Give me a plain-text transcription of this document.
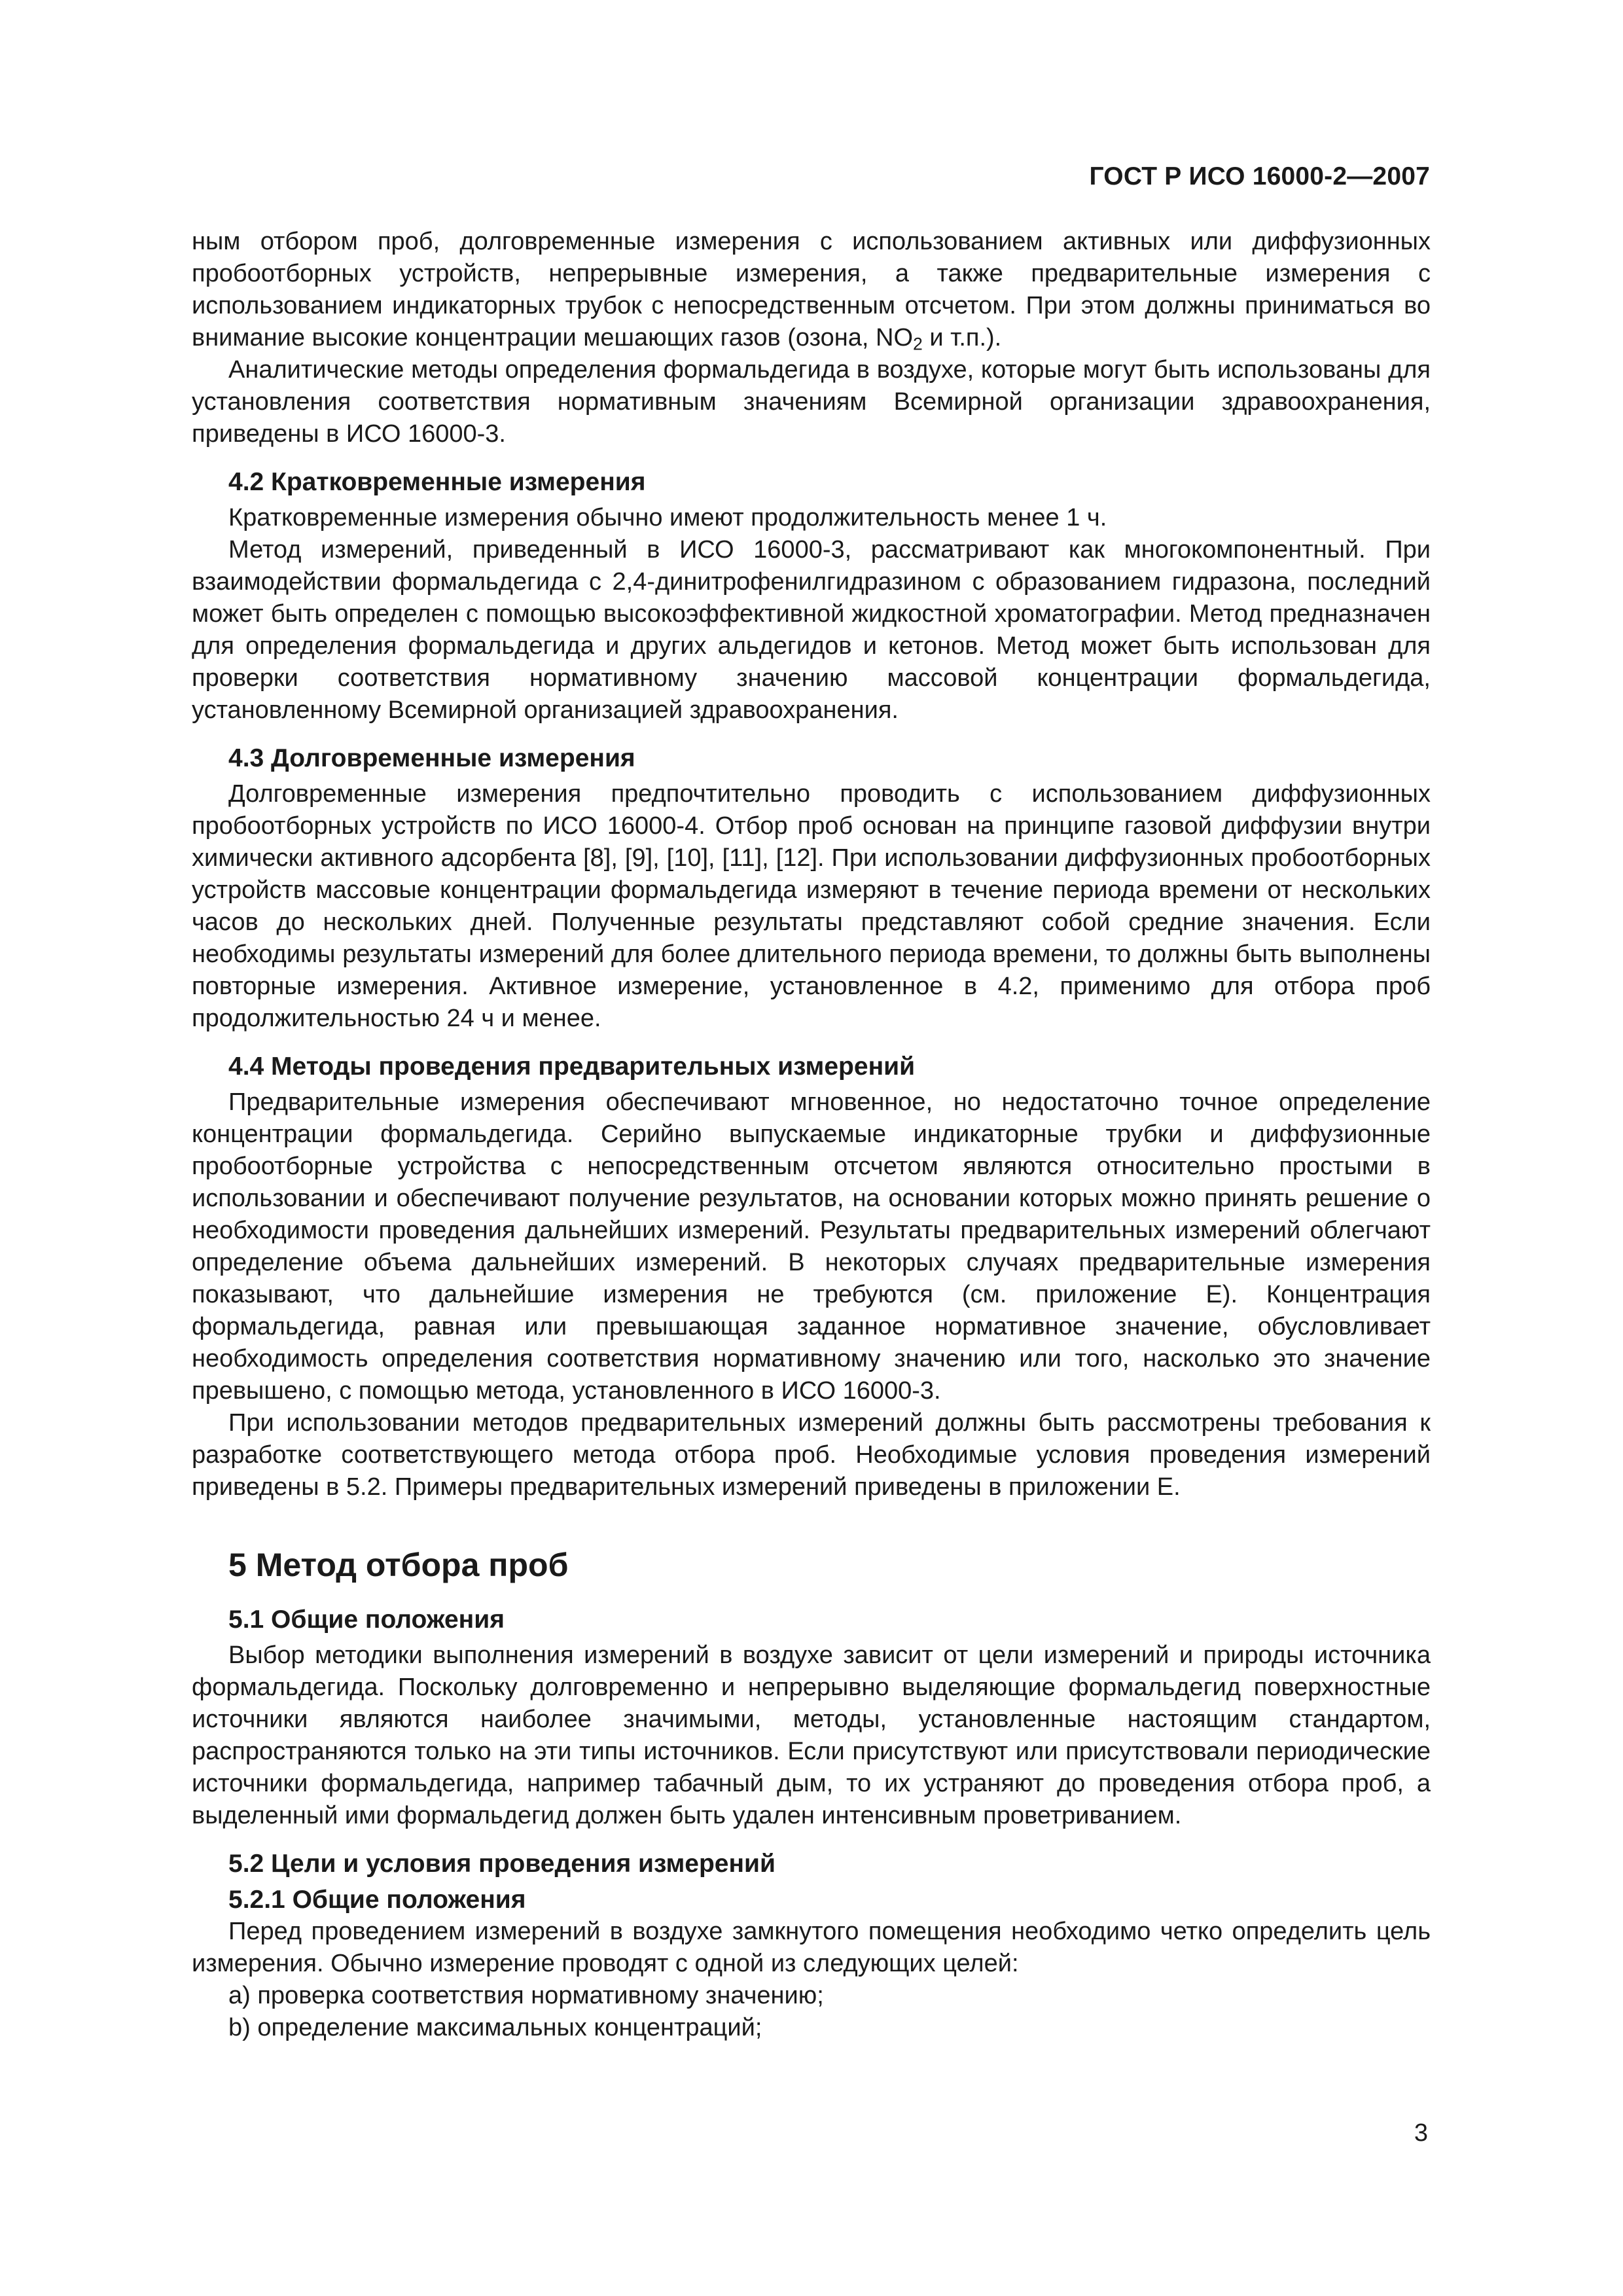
ГОСТ Р ИСО 16000-2—2007

ным отбором проб, долговременные измерения с использованием активных или диффузионных пробоотборных устройств, непрерывные измерения, а также предварительные измерения с использованием индикаторных трубок с непосредственным отсчетом. При этом должны приниматься во внимание высокие концентрации мешающих газов (озона, $NO_2$ и т.п.).

Аналитические методы определения формальдегида в воздухе, которые могут быть использованы для установления соответствия нормативным значениям Всемирной организации здравоохранения, приведены в ИСО 16000-3.

4.2 Кратковременные измерения

Кратковременные измерения обычно имеют продолжительность менее 1 ч.

Метод измерений, приведенный в ИСО 16000-3, рассматривают как многокомпонентный. При взаимодействии формальдегида с 2,4-динитрофенилгидразином с образованием гидразона, последний может быть определен с помощью высокоэффективной жидкостной хроматографии. Метод предназначен для определения формальдегида и других альдегидов и кетонов. Метод может быть использован для проверки соответствия нормативному значению массовой концентрации формальдегида, установленному Всемирной организацией здравоохранения.

4.3 Долговременные измерения

Долговременные измерения предпочтительно проводить с использованием диффузионных пробоотборных устройств по ИСО 16000-4. Отбор проб основан на принципе газовой диффузии внутри химически активного адсорбента [8], [9], [10], [11], [12]. При использовании диффузионных пробоотборных устройств массовые концентрации формальдегида измеряют в течение периода времени от нескольких часов до нескольких дней. Полученные результаты представляют собой средние значения. Если необходимы результаты измерений для более длительного периода времени, то должны быть выполнены повторные измерения. Активное измерение, установленное в 4.2, применимо для отбора проб продолжительностью 24 ч и менее.

4.4 Методы проведения предварительных измерений

Предварительные измерения обеспечивают мгновенное, но недостаточно точное определение концентрации формальдегида. Серийно выпускаемые индикаторные трубки и диффузионные пробоотборные устройства с непосредственным отсчетом являются относительно простыми в использовании и обеспечивают получение результатов, на основании которых можно принять решение о необходимости проведения дальнейших измерений. Результаты предварительных измерений облегчают определение объема дальнейших измерений. В некоторых случаях предварительные измерения показывают, что дальнейшие измерения не требуются (см. приложение Е). Концентрация формальдегида, равная или превышающая заданное нормативное значение, обусловливает необходимость определения соответствия нормативному значению или того, насколько это значение превышено, с помощью метода, установленного в ИСО 16000-3.

При использовании методов предварительных измерений должны быть рассмотрены требования к разработке соответствующего метода отбора проб. Необходимые условия проведения измерений приведены в 5.2. Примеры предварительных измерений приведены в приложении Е.

5 Метод отбора проб
5.1 Общие положения

Выбор методики выполнения измерений в воздухе зависит от цели измерений и природы источника формальдегида. Поскольку долговременно и непрерывно выделяющие формальдегид поверхностные источники являются наиболее значимыми, методы, установленные настоящим стандартом, распространяются только на эти типы источников. Если присутствуют или присутствовали периодические источники формальдегида, например табачный дым, то их устраняют до проведения отбора проб, а выделенный ими формальдегид должен быть удален интенсивным проветриванием.

5.2 Цели и условия проведения измерений
5.2.1 Общие положения

Перед проведением измерений в воздухе замкнутого помещения необходимо четко определить цель измерения. Обычно измерение проводят с одной из следующих целей:

а) проверка соответствия нормативному значению;
b) определение максимальных концентраций;
3
